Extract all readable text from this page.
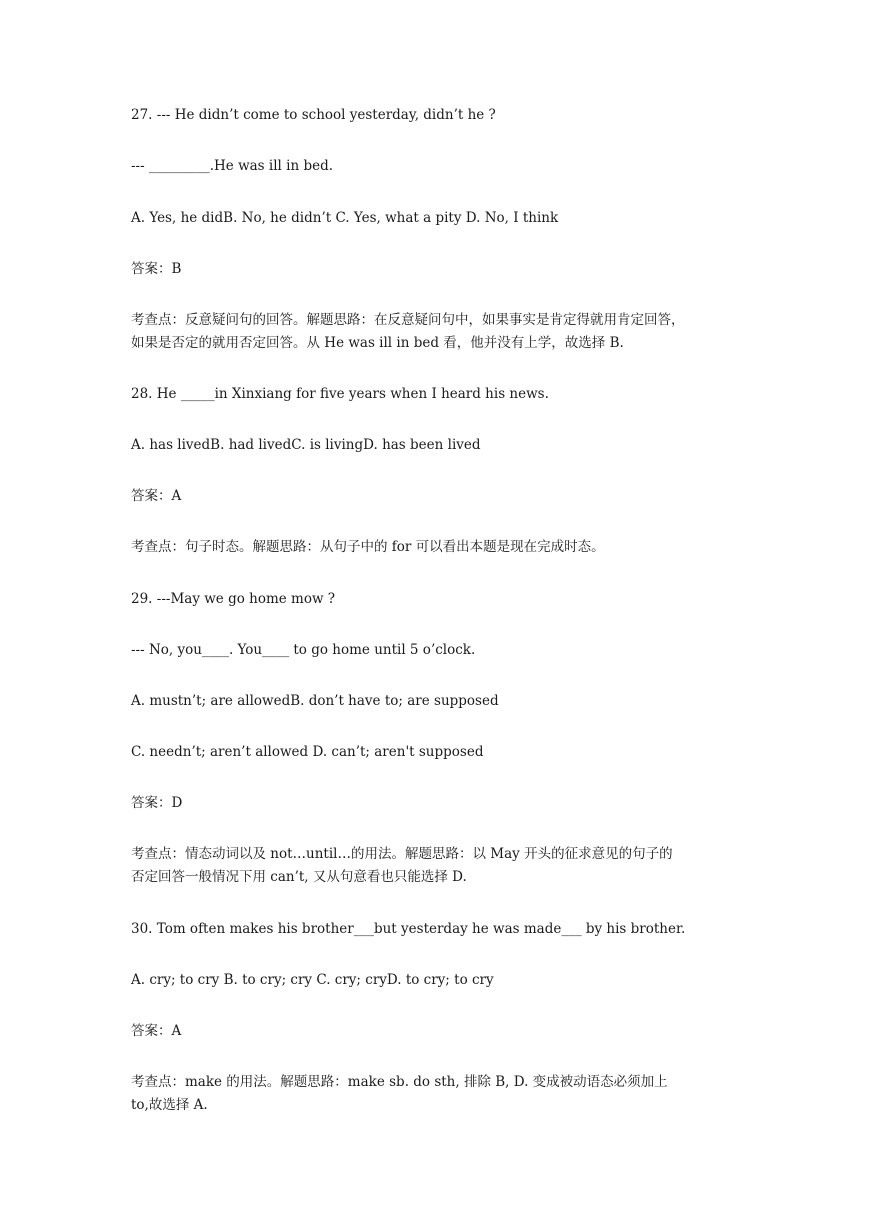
27. --- He didn’t come to school yesterday, didn’t he ?

--- _________.He was ill in bed.

A. Yes, he didB. No, he didn’t C. Yes, what a pity D. No, I think

答案：B

考查点：反意疑问句的回答。解题思路：在反意疑问句中，如果事实是肯定得就用肯定回答，

如果是否定的就用否定回答。从 He was ill in bed 看，他并没有上学，故选择 B.

28. He _____in Xinxiang for five years when I heard his news.

A. has livedB. had livedC. is livingD. has been lived

答案：A

考查点：句子时态。解题思路：从句子中的 for 可以看出本题是现在完成时态。

29. ---May we go home mow ?

--- No, you____. You____ to go home until 5 o’clock.

A. mustn’t; are allowedB. don’t have to; are supposed

C. needn’t; aren’t allowed D. can’t; aren't supposed

答案：D

考查点：情态动词以及 not…until…的用法。解题思路：以 May 开头的征求意见的句子的

否定回答一般情况下用 can’t, 又从句意看也只能选择 D.

30. Tom often makes his brother___but yesterday he was made___ by his brother.

A. cry; to cry B. to cry; cry C. cry; cryD. to cry; to cry

答案：A

考查点：make 的用法。解题思路：make sb. do sth, 排除 B, D. 变成被动语态必须加上

to,故选择 A.
